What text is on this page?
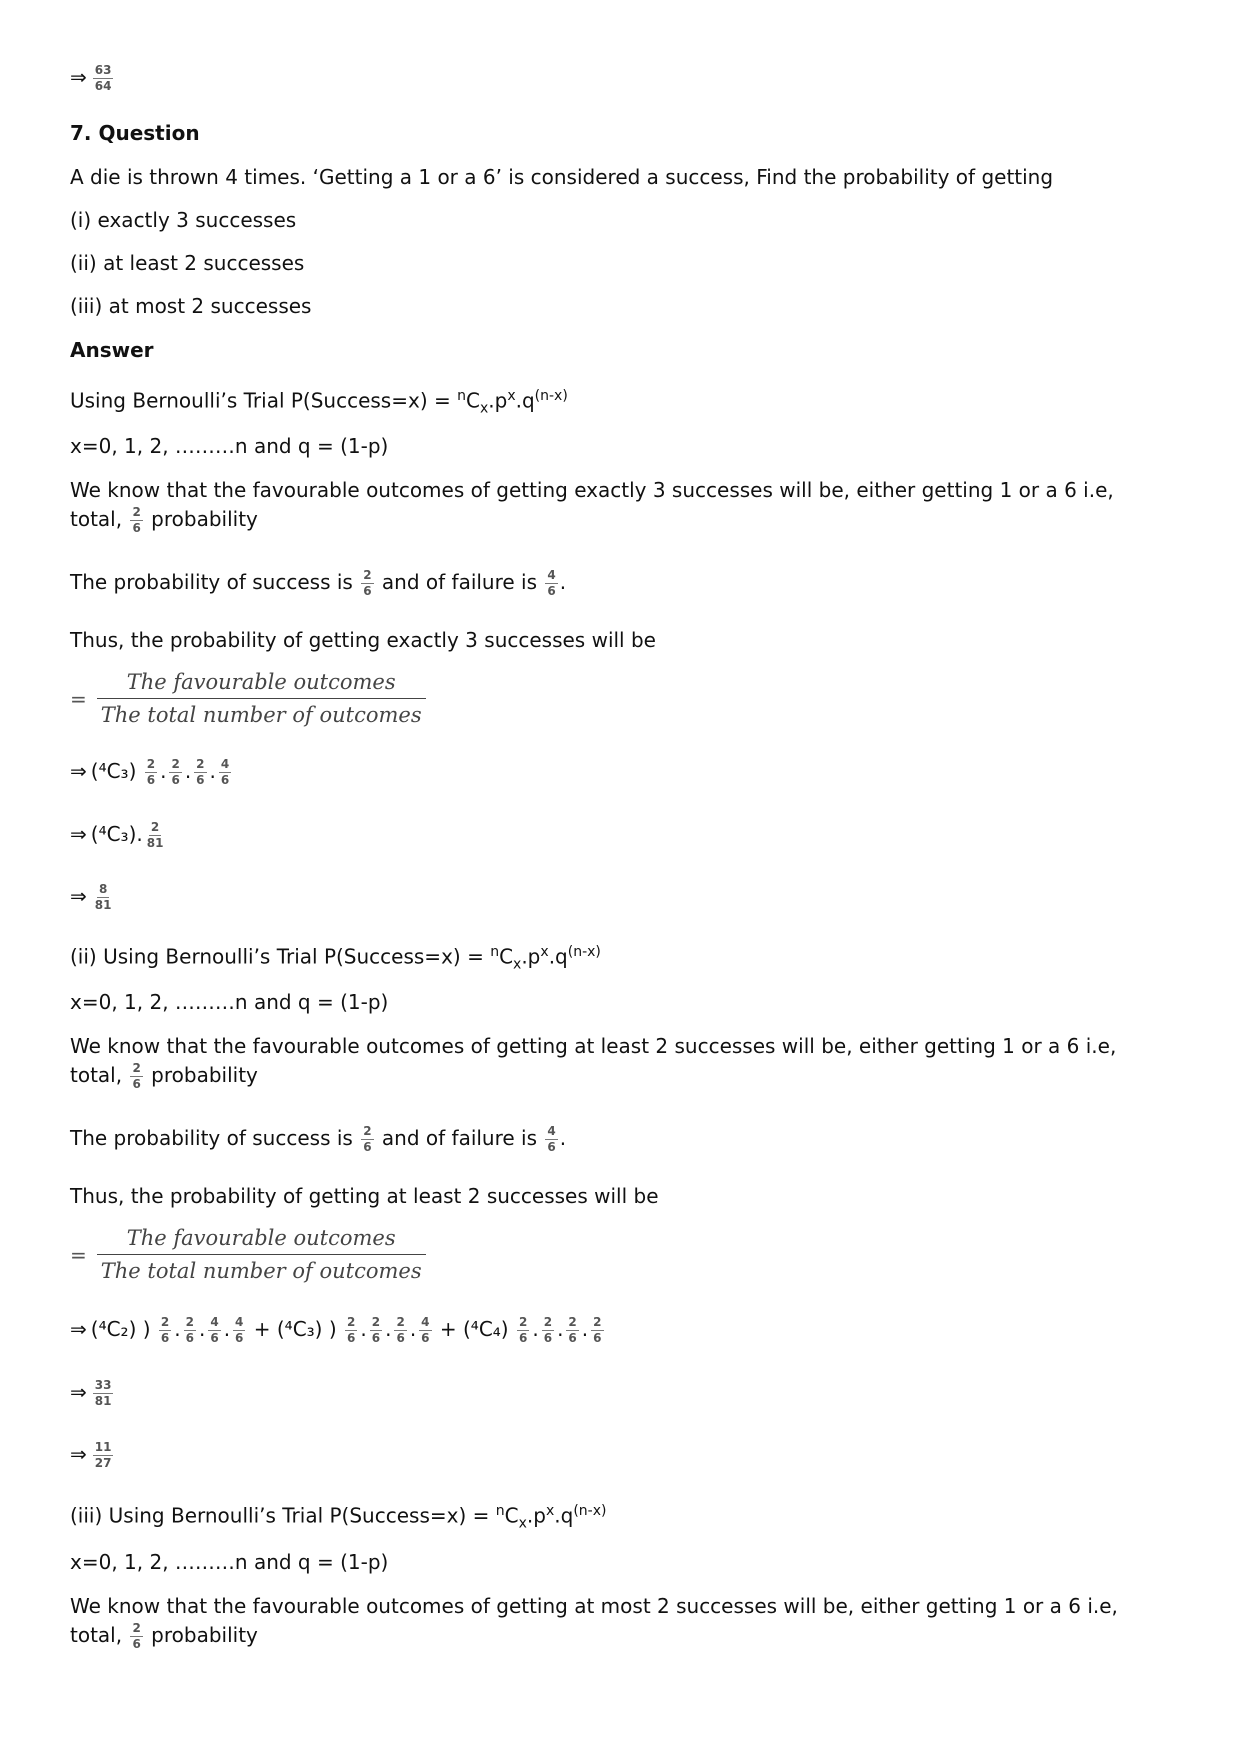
⇒ $\frac{63}{64}$
7. Question
A die is thrown 4 times. ‘Getting a 1 or a 6’ is considered a success, Find the probability of getting
(i) exactly 3 successes
(ii) at least 2 successes
(iii) at most 2 successes
Answer
Using Bernoulli’s Trial P(Success=x) = $^nC_x.p^x.q^{(n-x)}$
x=0, 1, 2, ………n and q = (1-p)
We know that the favourable outcomes of getting exactly 3 successes will be, either getting 1 or a 6 i.e,
total, $\frac{2}{6}$ probability
The probability of success is $\frac{2}{6}$ and of failure is $\frac{4}{6}$ .
Thus, the probability of getting exactly 3 successes will be
= $\frac{\text{The favourable outcomes}}{\text{The total number of outcomes}}$
⇒ $(^4C_3) \frac{2}{6}$ . $\frac{2}{6}$ . $\frac{2}{6}$ . $\frac{4}{6}$
⇒ (⁴C₃). $\frac{2}{81}$
⇒ $\frac{8}{81}$
(ii) Using Bernoulli’s Trial P(Success=x) = $^nC_x.p^x.q^{(n-x)}$
x=0, 1, 2, ………n and q = (1-p)
We know that the favourable outcomes of getting at least 2 successes will be, either getting 1 or a 6 i.e,
total, $\frac{2}{6}$ probability
The probability of success is $\frac{2}{6}$ and of failure is $\frac{4}{6}$ .
Thus, the probability of getting at least 2 successes will be
= $\frac{\text{The favourable outcomes}}{\text{The total number of outcomes}}$
⇒ (⁴C₂) ) $\frac{2}{6}$ . $\frac{2}{6}$ . $\frac{4}{6}$ . $\frac{4}{6} + (^4C_3)$ ) $\frac{2}{6}$ . $\frac{2}{6}$ . $\frac{2}{6}$ . $\frac{4}{6} + (^4C_4) \frac{2}{6}$ . $\frac{2}{6}$ . $\frac{2}{6}$ . $\frac{2}{6}$
⇒ $\frac{33}{81}$
⇒ $\frac{11}{27}$
(iii) Using Bernoulli’s Trial P(Success=x) = $^nC_x.p^x.q^{(n-x)}$
x=0, 1, 2, ………n and q = (1-p)
We know that the favourable outcomes of getting at most 2 successes will be, either getting 1 or a 6 i.e,
total, $\frac{2}{6}$ probability
